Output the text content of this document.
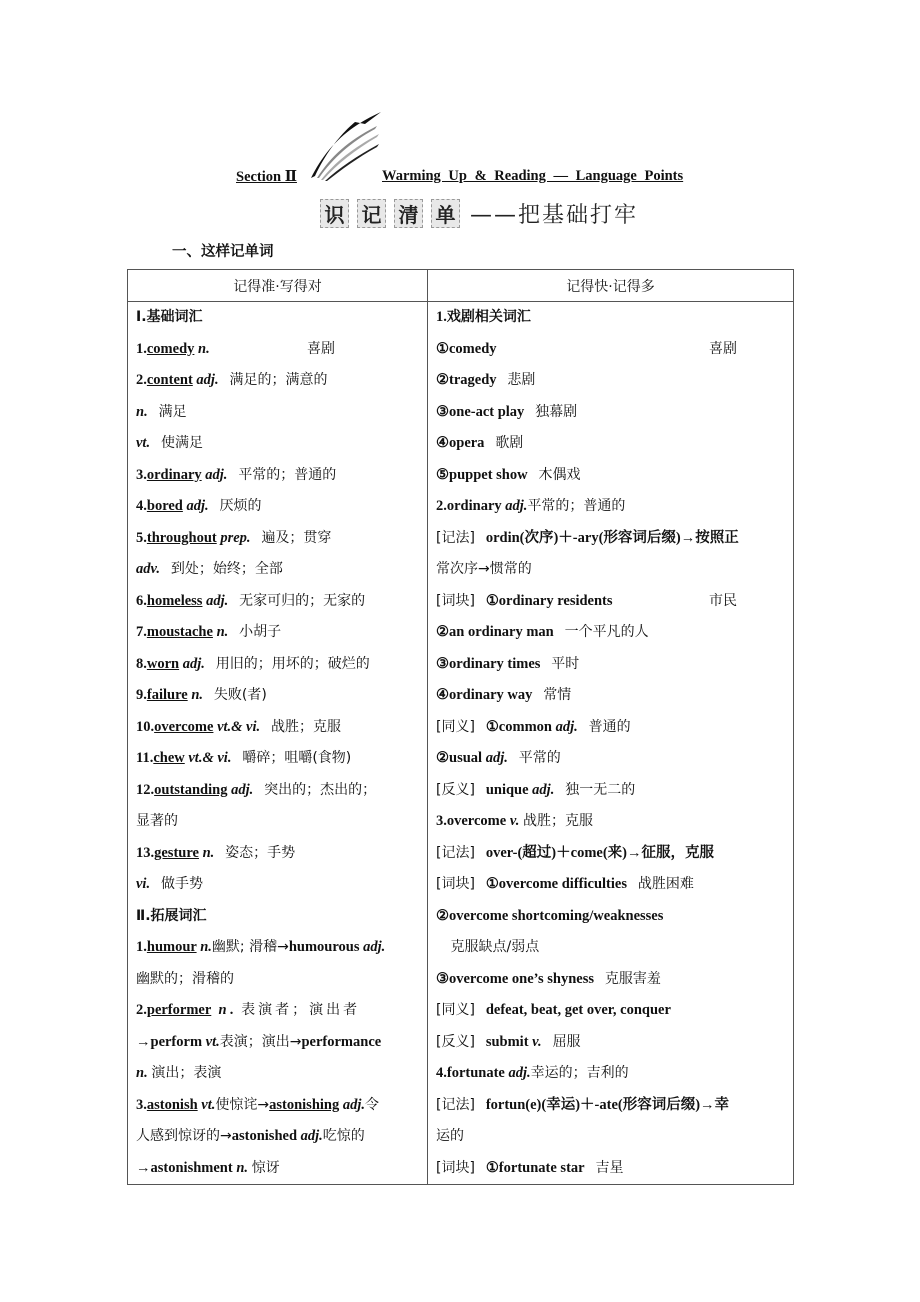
Section Ⅱ	Warming Up & Reading — Language Points
识 记 清 单 ——把基础打牢
一、这样记单词
记得准·写得对	记得快·记得多

Ⅰ.基础词汇
1.comedy n.	喜剧
2.content adj. 满足的；满意的
n. 满足
vt. 使满足
3.ordinary adj. 平常的；普通的
4.bored adj. 厌烦的
5.throughout prep. 遍及；贯穿
adv. 到处；始终；全部
6.homeless adj. 无家可归的；无家的
7.moustache n. 小胡子
8.worn adj. 用旧的；用坏的；破烂的
9.failure n. 失败(者)
10.overcome vt.& vi. 战胜；克服
11.chew vt.& vi. 嚼碎；咀嚼(食物)
12.outstanding adj. 突出的；杰出的；
显著的
13.gesture n. 姿态；手势
vi. 做手势
Ⅱ.拓展词汇
1.humour n.幽默; 滑稽→humourous adj.
幽默的；滑稽的
2.performer n . 表演者；演出者
→perform vt.表演；演出→performance
n. 演出；表演
3.astonish vt.使惊诧→astonishing adj.令
人感到惊讶的→astonished adj.吃惊的
→astonishment n. 惊讶

1.戏剧相关词汇
①comedy	喜剧
②tragedy 悲剧
③one-act play 独幕剧
④opera 歌剧
⑤puppet show 木偶戏
2.ordinary adj.平常的；普通的
[记法] ordin(次序)＋-ary(形容词后缀)→按照正
常次序→惯常的
[词块] ①ordinary residents	市民
②an ordinary man 一个平凡的人
③ordinary times 平时
④ordinary way 常情
[同义] ①common adj. 普通的
②usual adj. 平常的
[反义] unique adj. 独一无二的
3.overcome v. 战胜；克服
[记法] over-(超过)＋come(来)→征服，克服
[词块] ①overcome difficulties 战胜困难
②overcome shortcoming/weaknesses
克服缺点/弱点
③overcome one’s shyness 克服害羞
[同义] defeat, beat, get over, conquer
[反义] submit v. 屈服
4.fortunate adj.幸运的；吉利的
[记法] fortun(e)(幸运)＋-ate(形容词后缀)→幸
运的
[词块] ①fortunate star 吉星
